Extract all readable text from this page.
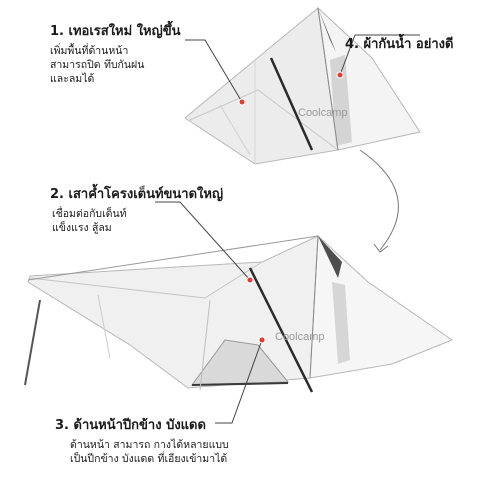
1. เทอเรสใหม่ ใหญ่ขึ้น
เพิ่มพื้นที่ด้านหน้า
สามารถปิด ทึบกันฝน
และลมได้
2. เสาค้ำโครงเต็นท์ขนาดใหญ่
เชื่อมต่อกับเต็นท์
แข็งแรง สู้ลม
3. ด้านหน้าปีกข้าง บังแดด
ด้านหน้า สามารถ กางได้หลายแบบ
เป็นปีกข้าง บังแดด ที่เอียงเข้ามาได้
4. ผ้ากันน้ำ อย่างดี
Coolcamp
Coolcamp
